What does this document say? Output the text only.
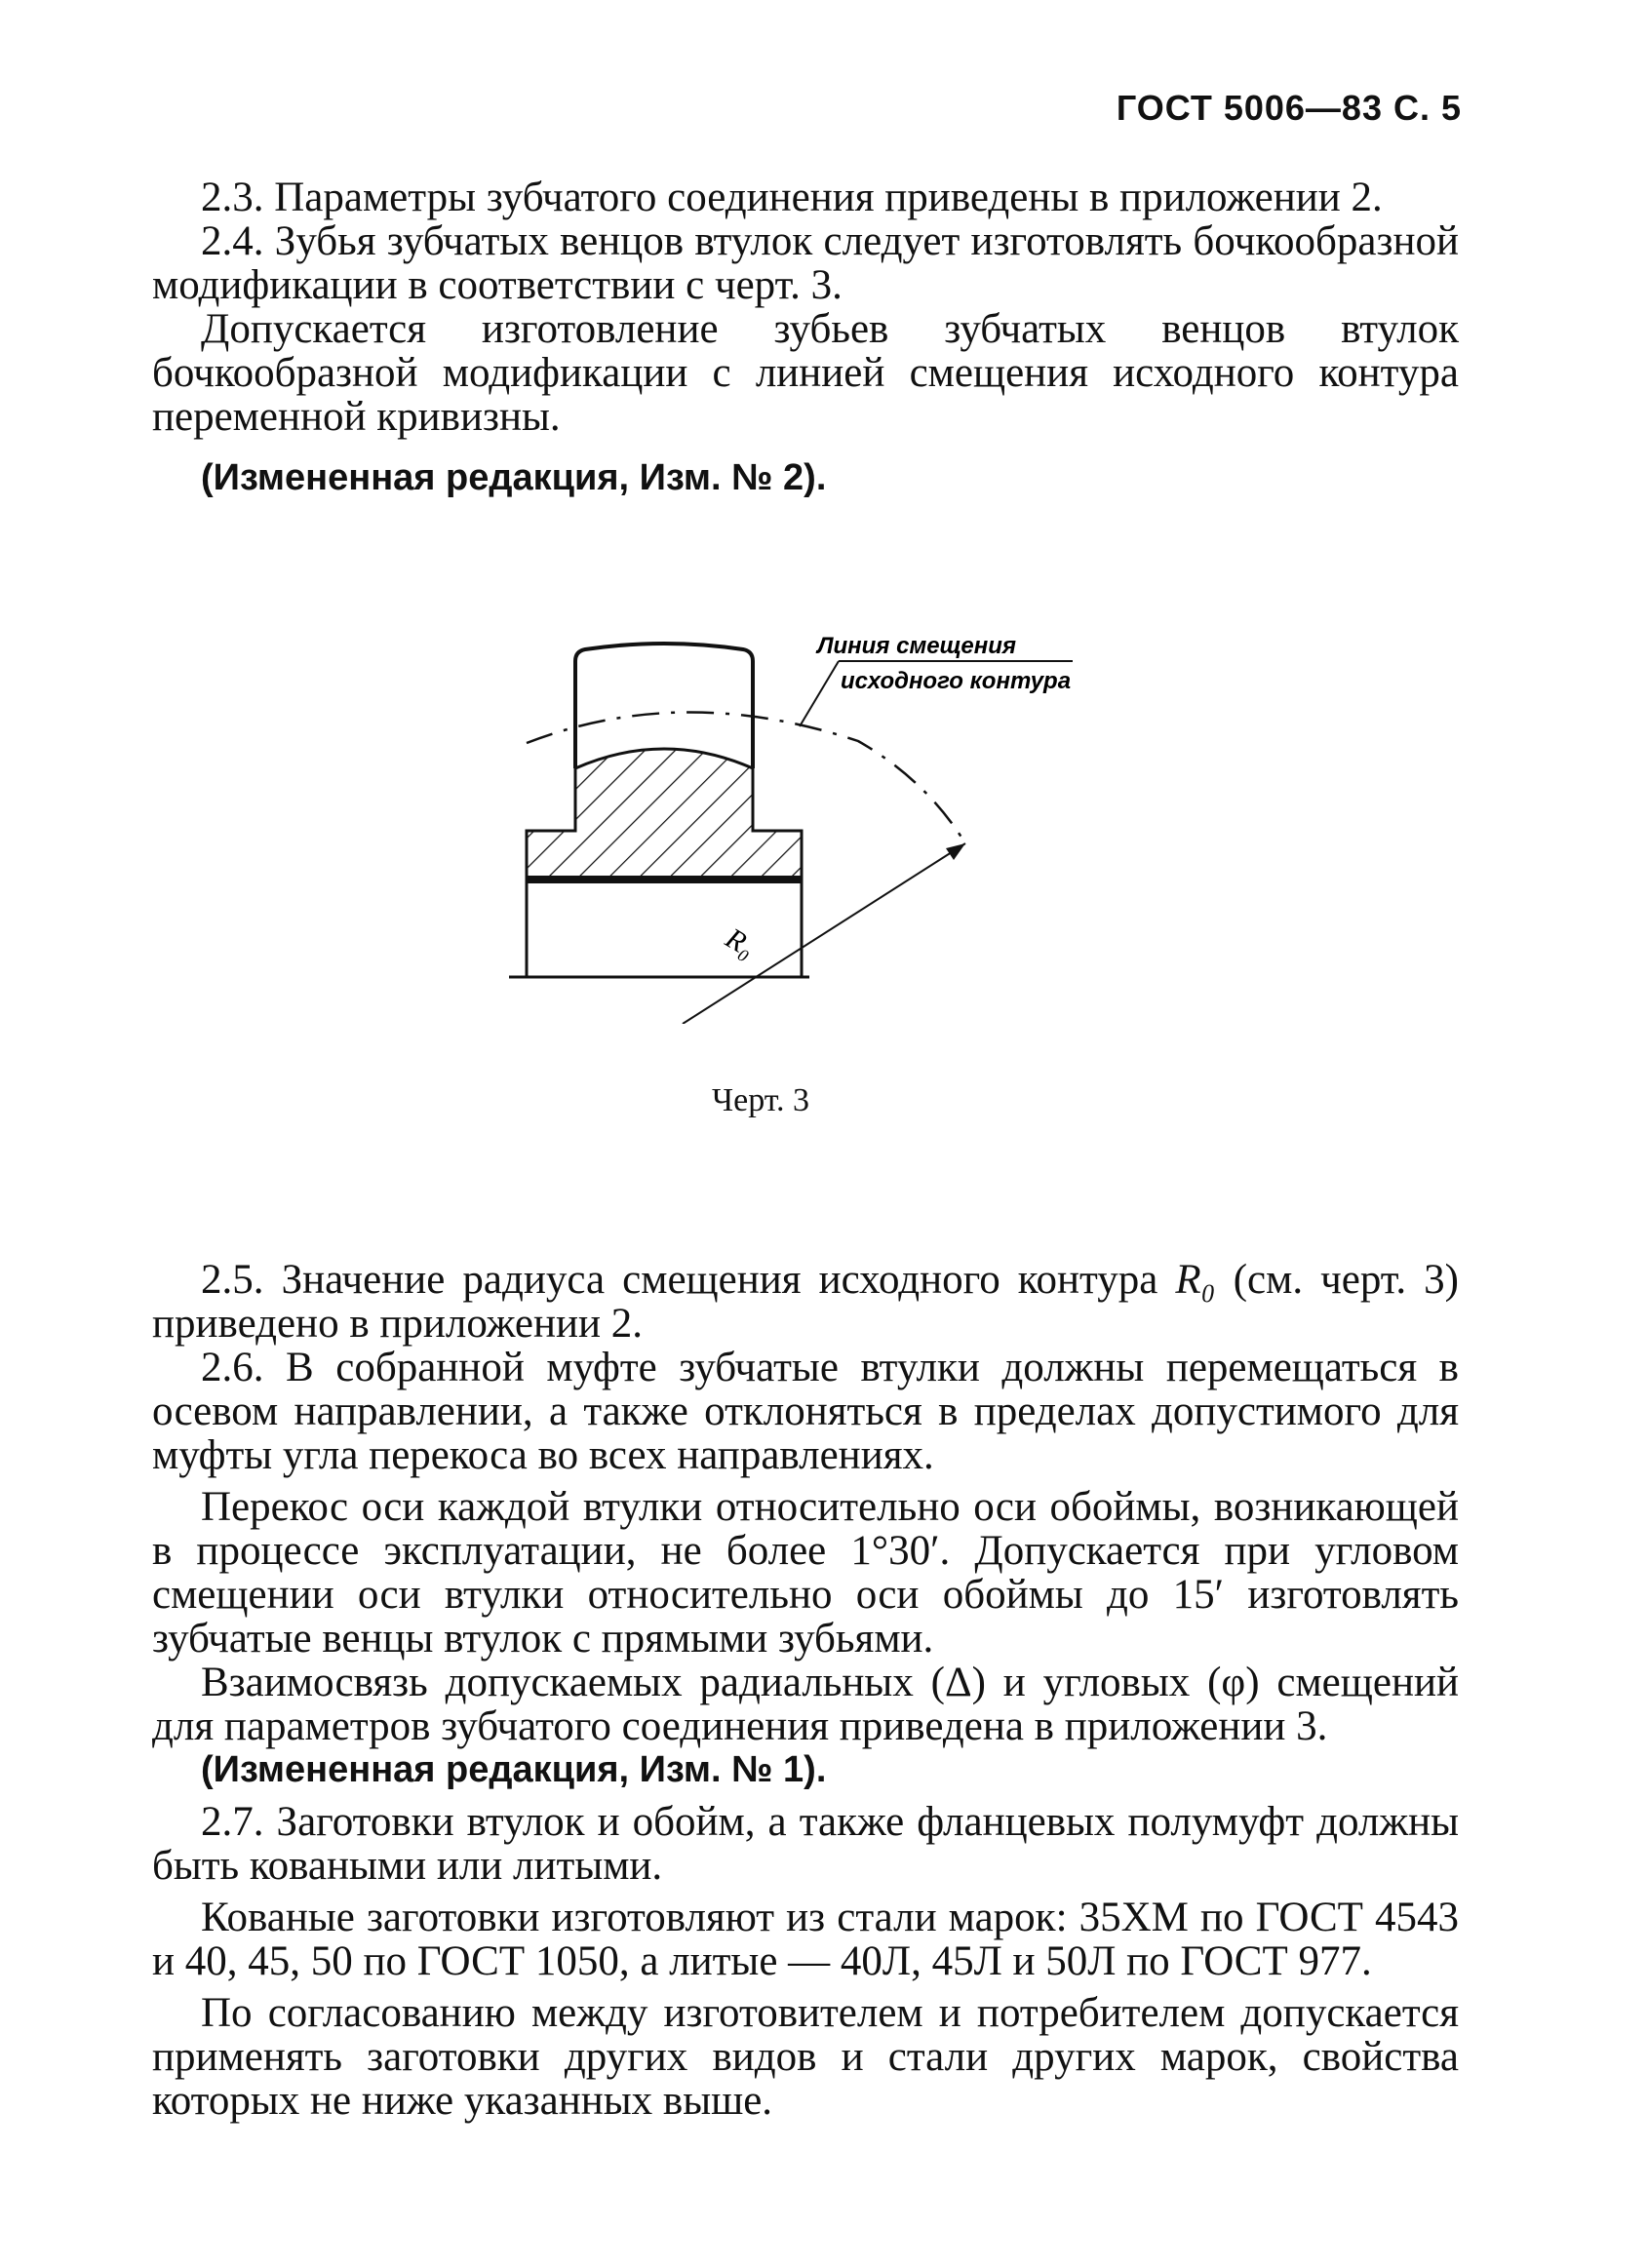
ГОСТ 5006—83 С. 5

2.3. Параметры зубчатого соединения приведены в приложении 2.

2.4. Зубья зубчатых венцов втулок следует изготовлять бочкообразной модификации в соответствии с черт. 3.

Допускается изготовление зубьев зубчатых венцов втулок бочкообразной модификации с линией смещения исходного контура переменной кривизны.

(Измененная редакция, Изм. № 2).

Линия смещения
исходного контура
R₀
Черт. 3

2.5. Значение радиуса смещения исходного контура R₀ (см. черт. 3) приведено в приложении 2.

2.6. В собранной муфте зубчатые втулки должны перемещаться в осевом направлении, а также отклоняться в пределах допустимого для муфты угла перекоса во всех направлениях.

Перекос оси каждой втулки относительно оси обоймы, возникающей в процессе эксплуатации, не более 1°30′. Допускается при угловом смещении оси втулки относительно оси обоймы до 15′ изготовлять зубчатые венцы втулок с прямыми зубьями.

Взаимосвязь допускаемых радиальных (Δ) и угловых (φ) смещений для параметров зубчатого соединения приведена в приложении 3.

(Измененная редакция, Изм. № 1).

2.7. Заготовки втулок и обойм, а также фланцевых полумуфт должны быть коваными или литыми.

Кованые заготовки изготовляют из стали марок: 35ХМ по ГОСТ 4543 и 40, 45, 50 по ГОСТ 1050, а литые — 40Л, 45Л и 50Л по ГОСТ 977.

По согласованию между изготовителем и потребителем допускается применять заготовки других видов и стали других марок, свойства которых не ниже указанных выше.
